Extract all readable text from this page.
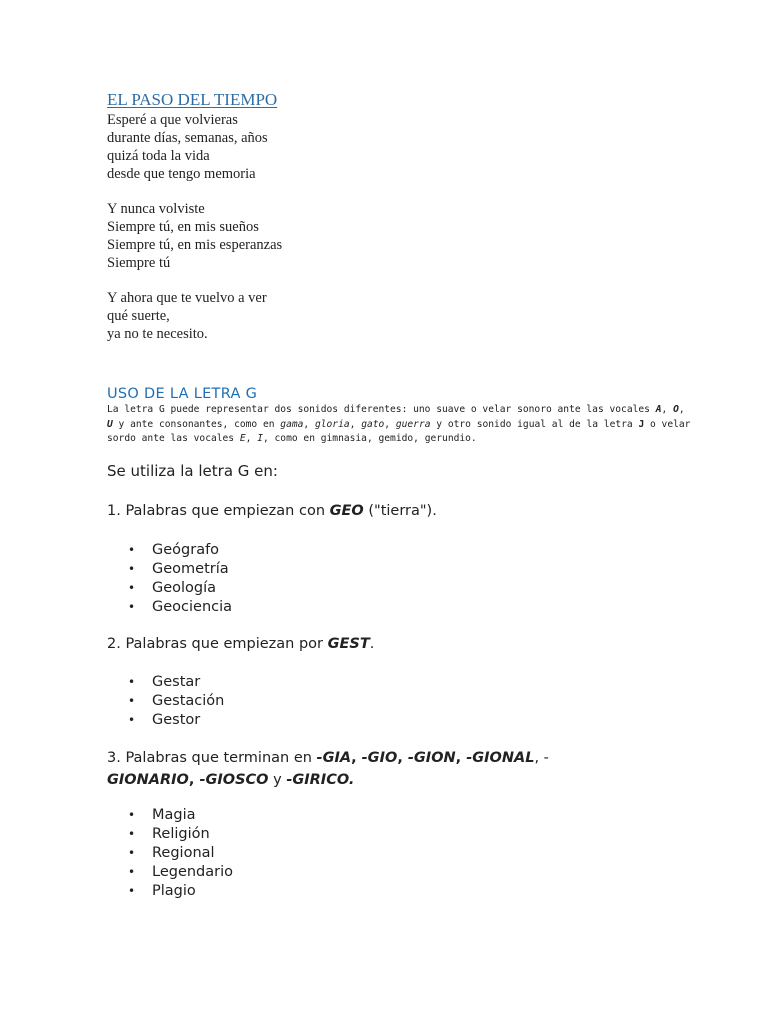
EL PASO DEL TIEMPO
Esperé a que volvieras
durante días, semanas, años
quizá toda la vida
desde que tengo memoria
Y nunca volviste
Siempre tú, en mis sueños
Siempre tú, en mis esperanzas
Siempre tú
Y ahora que te vuelvo a ver
qué suerte,
ya no te necesito.
USO DE LA LETRA G
La letra G puede representar dos sonidos diferentes: uno suave o velar sonoro ante las vocales A, O,
U y ante consonantes, como en gama, gloria, gato, guerra y otro sonido igual al de la letra J o velar
sordo ante las vocales E, I, como en gimnasia, gemido, gerundio.
Se utiliza la letra G en:
1. Palabras que empiezan con GEO ("tierra").
• Geógrafo
• Geometría
• Geología
• Geociencia
2. Palabras que empiezan por GEST.
• Gestar
• Gestación
• Gestor
3. Palabras que terminan en -GIA, -GIO, -GION, -GIONAL, -
GIONARIO, -GIOSCO y -GIRICO.
• Magia
• Religión
• Regional
• Legendario
• Plagio
